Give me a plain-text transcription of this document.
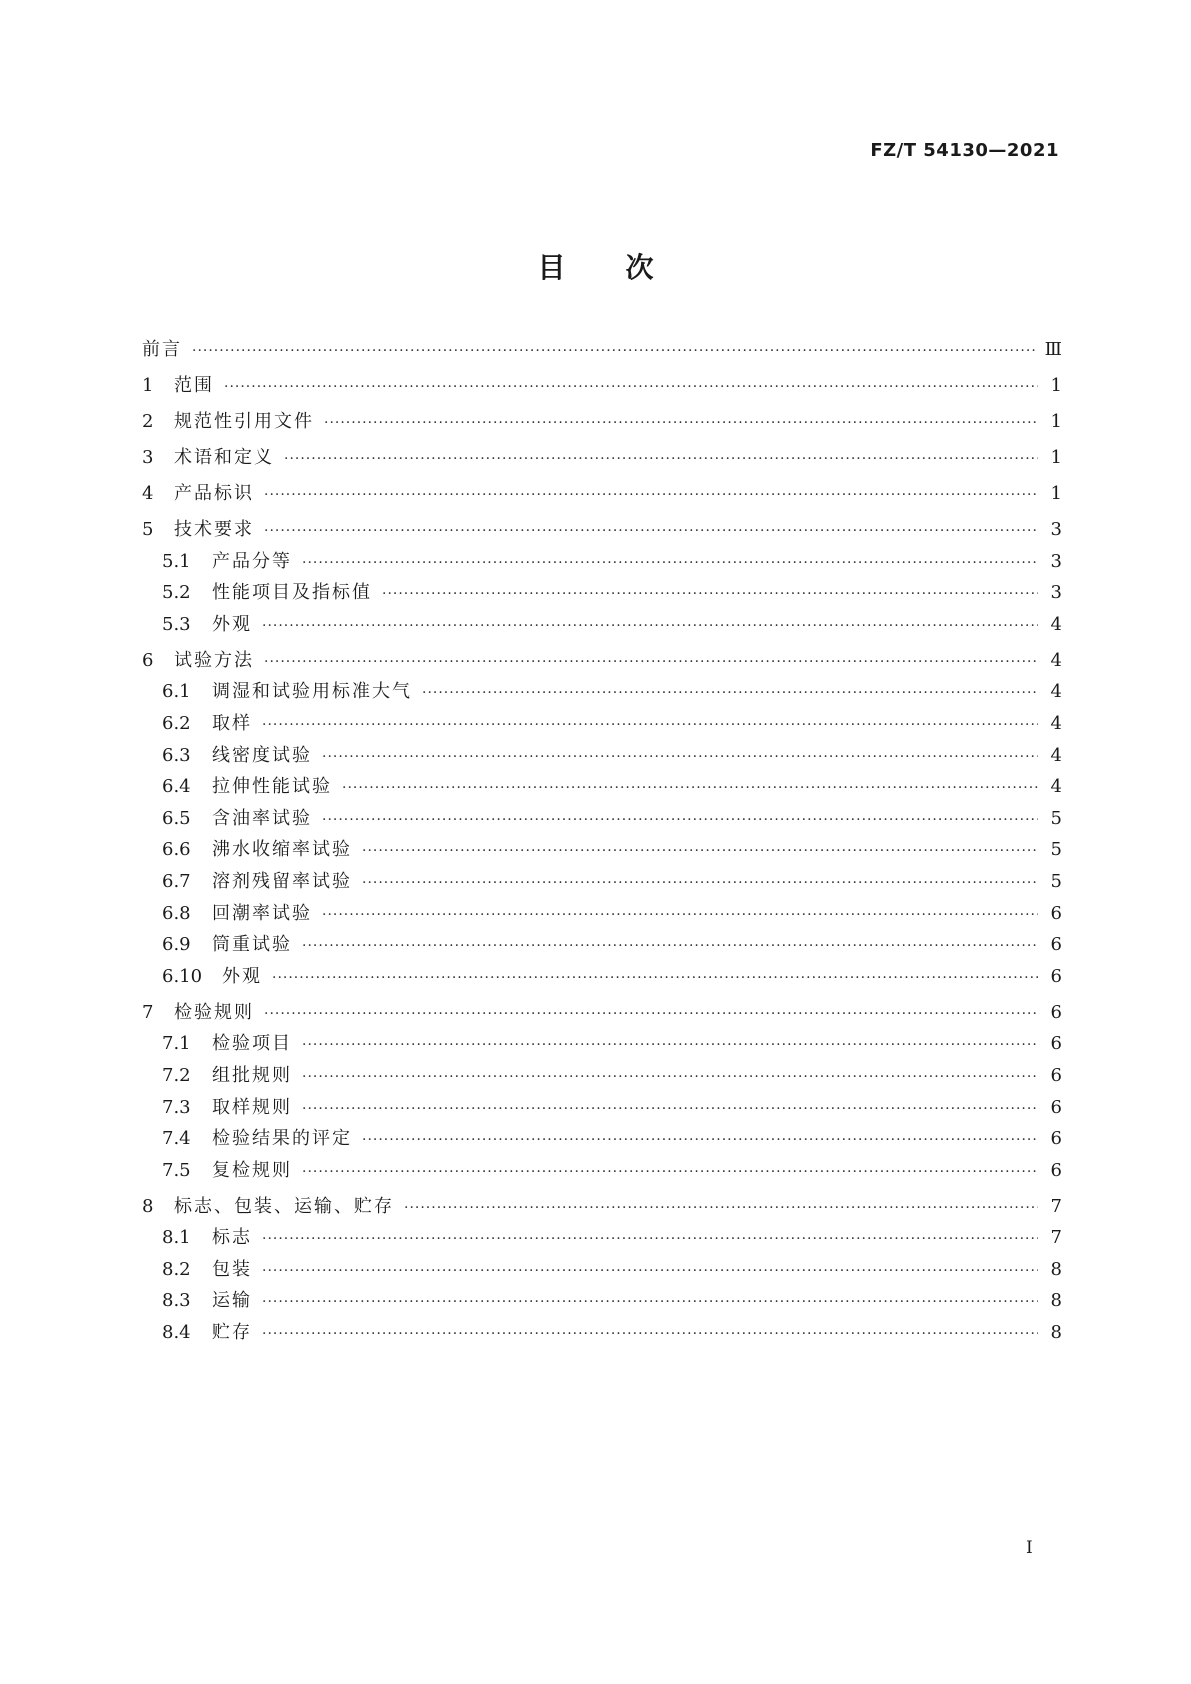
FZ/T 54130—2021
目次
前言 ·····	Ⅲ
1	范围 ·····	1
2	规范性引用文件 ·····	1
3	术语和定义 ·····	1
4	产品标识 ·····	1
5	技术要求 ·····	3
5.1	产品分等 ·····	3
5.2	性能项目及指标值 ·····	3
5.3	外观 ·····	4
6	试验方法 ·····	4
6.1	调湿和试验用标准大气 ·····	4
6.2	取样 ·····	4
6.3	线密度试验 ·····	4
6.4	拉伸性能试验 ·····	4
6.5	含油率试验 ·····	5
6.6	沸水收缩率试验 ·····	5
6.7	溶剂残留率试验 ·····	5
6.8	回潮率试验 ·····	6
6.9	筒重试验 ·····	6
6.10	外观 ·····	6
7	检验规则 ·····	6
7.1	检验项目 ·····	6
7.2	组批规则 ·····	6
7.3	取样规则 ·····	6
7.4	检验结果的评定 ·····	6
7.5	复检规则 ·····	6
8	标志、包装、运输、贮存 ·····	7
8.1	标志 ·····	7
8.2	包装 ·····	8
8.3	运输 ·····	8
8.4	贮存 ·····	8
I
